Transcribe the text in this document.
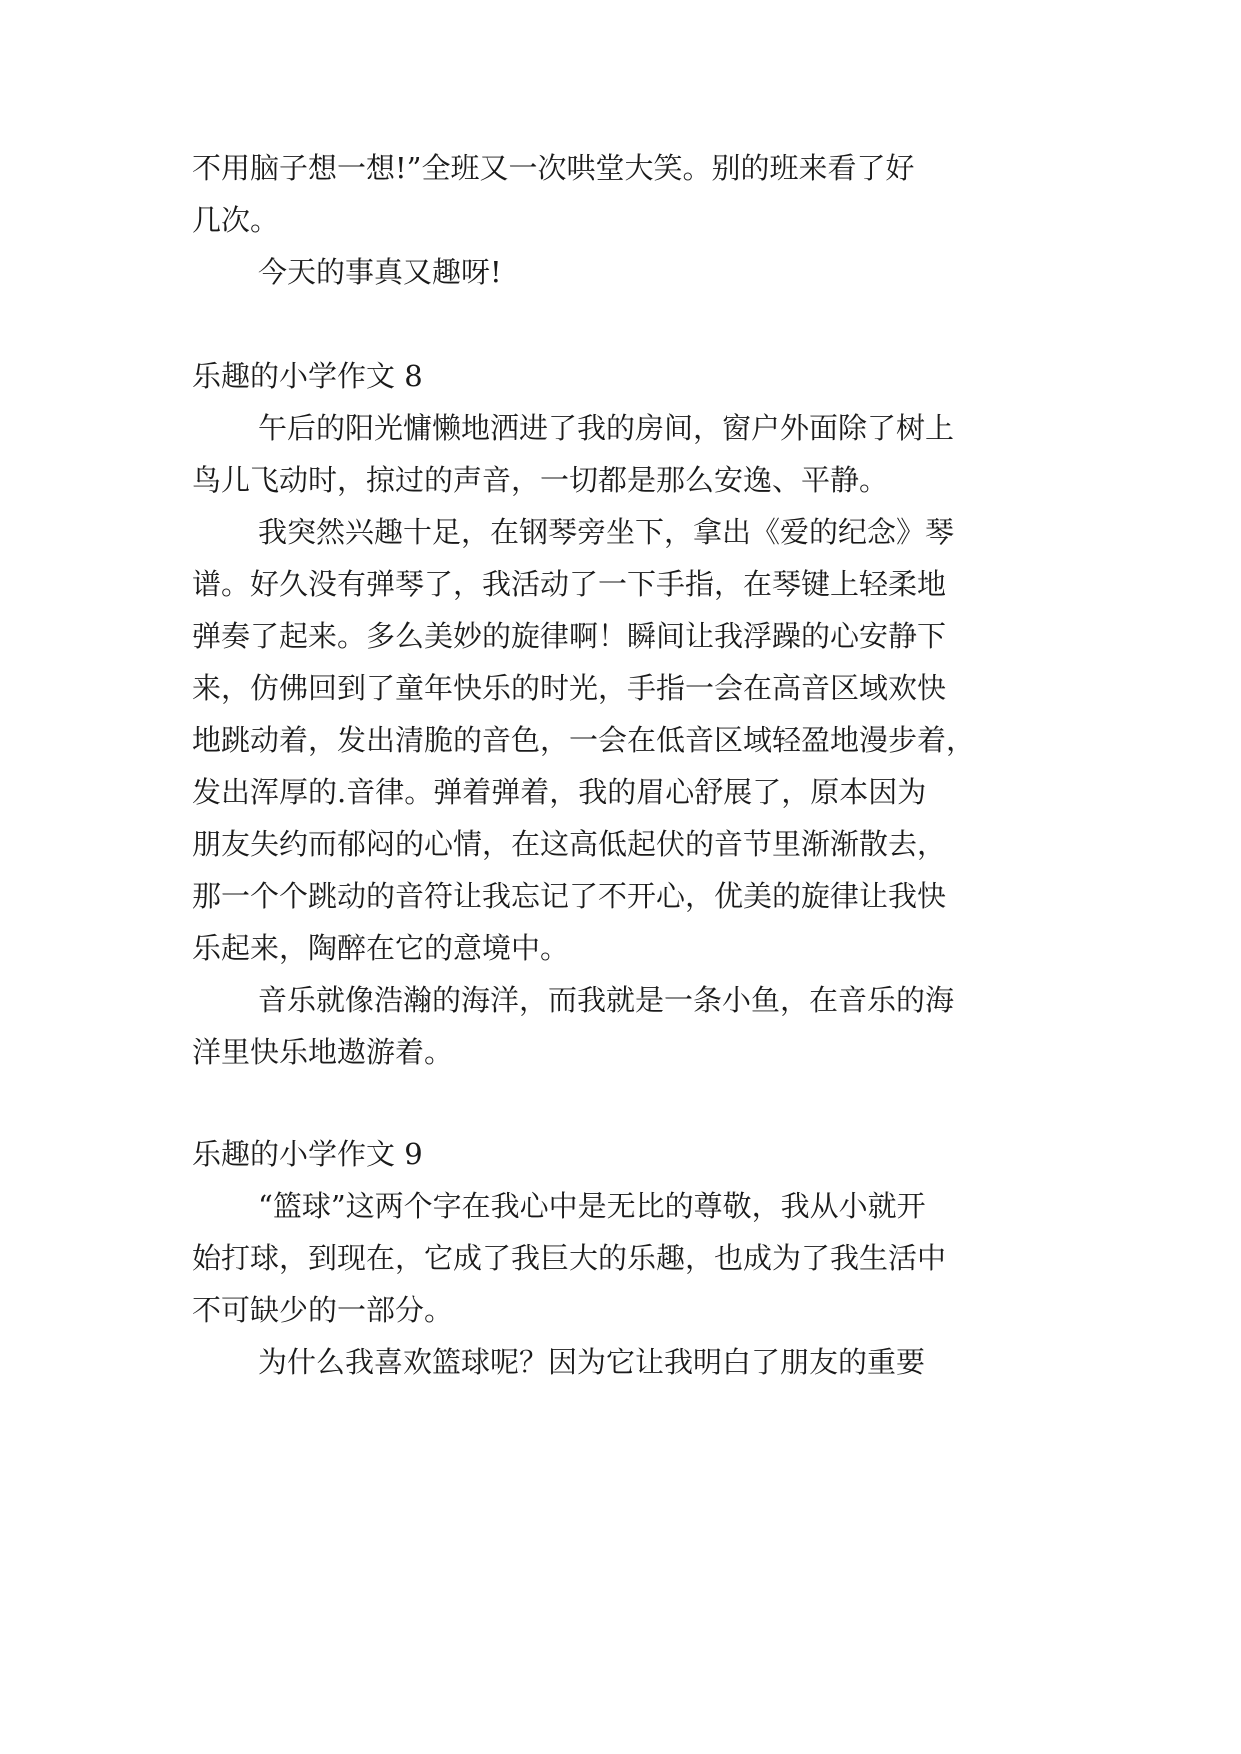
不用脑子想一想!”全班又一次哄堂大笑。别的班来看了好

几次。

今天的事真又趣呀!

乐趣的小学作文 8

午后的阳光慵懒地洒进了我的房间，窗户外面除了树上

鸟儿飞动时，掠过的声音，一切都是那么安逸、平静。

我突然兴趣十足，在钢琴旁坐下，拿出《爱的纪念》琴

谱。好久没有弹琴了，我活动了一下手指，在琴键上轻柔地

弹奏了起来。多么美妙的旋律啊！瞬间让我浮躁的心安静下

来，仿佛回到了童年快乐的时光，手指一会在高音区域欢快

地跳动着，发出清脆的音色，一会在低音区域轻盈地漫步着，

发出浑厚的.音律。弹着弹着，我的眉心舒展了，原本因为

朋友失约而郁闷的心情，在这高低起伏的音节里渐渐散去，

那一个个跳动的音符让我忘记了不开心，优美的旋律让我快

乐起来，陶醉在它的意境中。

音乐就像浩瀚的海洋，而我就是一条小鱼，在音乐的海

洋里快乐地遨游着。

乐趣的小学作文 9

“篮球”这两个字在我心中是无比的尊敬，我从小就开

始打球，到现在，它成了我巨大的乐趣，也成为了我生活中

不可缺少的一部分。

为什么我喜欢篮球呢？因为它让我明白了朋友的重要
